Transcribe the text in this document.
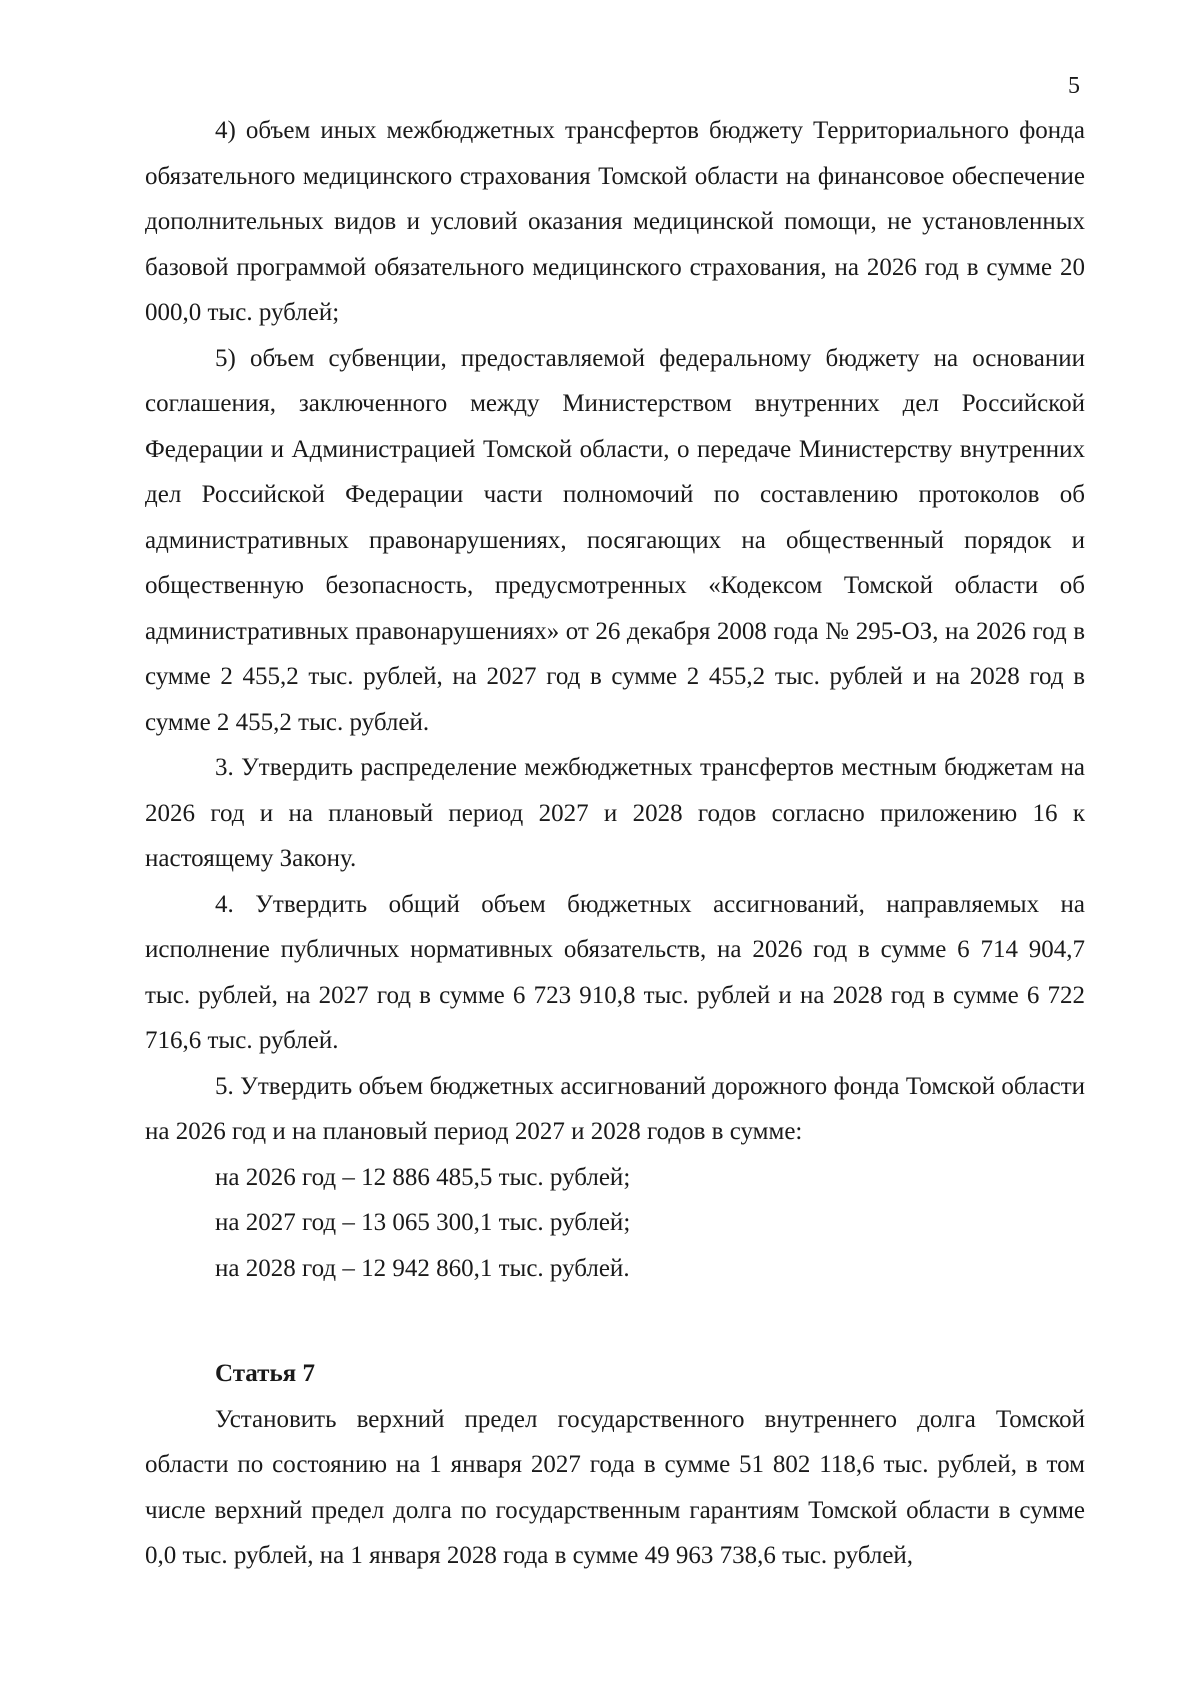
5

4) объем иных межбюджетных трансфертов бюджету Территориального фонда обязательного медицинского страхования Томской области на финансовое обеспечение дополнительных видов и условий оказания медицинской помощи, не установленных базовой программой обязательного медицинского страхования, на 2026 год в сумме 20 000,0 тыс. рублей;

5) объем субвенции, предоставляемой федеральному бюджету на основании соглашения, заключенного между Министерством внутренних дел Российской Федерации и Администрацией Томской области, о передаче Министерству внутренних дел Российской Федерации части полномочий по составлению протоколов об административных правонарушениях, посягающих на общественный порядок и общественную безопасность, предусмотренных «Кодексом Томской области об административных правонарушениях» от 26 декабря 2008 года № 295-ОЗ, на 2026 год в сумме 2 455,2 тыс. рублей, на 2027 год в сумме 2 455,2 тыс. рублей и на 2028 год в сумме 2 455,2 тыс. рублей.

3. Утвердить распределение межбюджетных трансфертов местным бюджетам на 2026 год и на плановый период 2027 и 2028 годов согласно приложению 16 к настоящему Закону.

4. Утвердить общий объем бюджетных ассигнований, направляемых на исполнение публичных нормативных обязательств, на 2026 год в сумме 6 714 904,7 тыс. рублей, на 2027 год в сумме 6 723 910,8 тыс. рублей и на 2028 год в сумме 6 722 716,6 тыс. рублей.

5. Утвердить объем бюджетных ассигнований дорожного фонда Томской области на 2026 год и на плановый период 2027 и 2028 годов в сумме:

на 2026 год – 12 886 485,5 тыс. рублей;

на 2027 год – 13 065 300,1 тыс. рублей;

на 2028 год – 12 942 860,1 тыс. рублей.

Статья 7

Установить верхний предел государственного внутреннего долга Томской области по состоянию на 1 января 2027 года в сумме 51 802 118,6 тыс. рублей, в том числе верхний предел долга по государственным гарантиям Томской области в сумме 0,0 тыс. рублей, на 1 января 2028 года в сумме 49 963 738,6 тыс. рублей,
